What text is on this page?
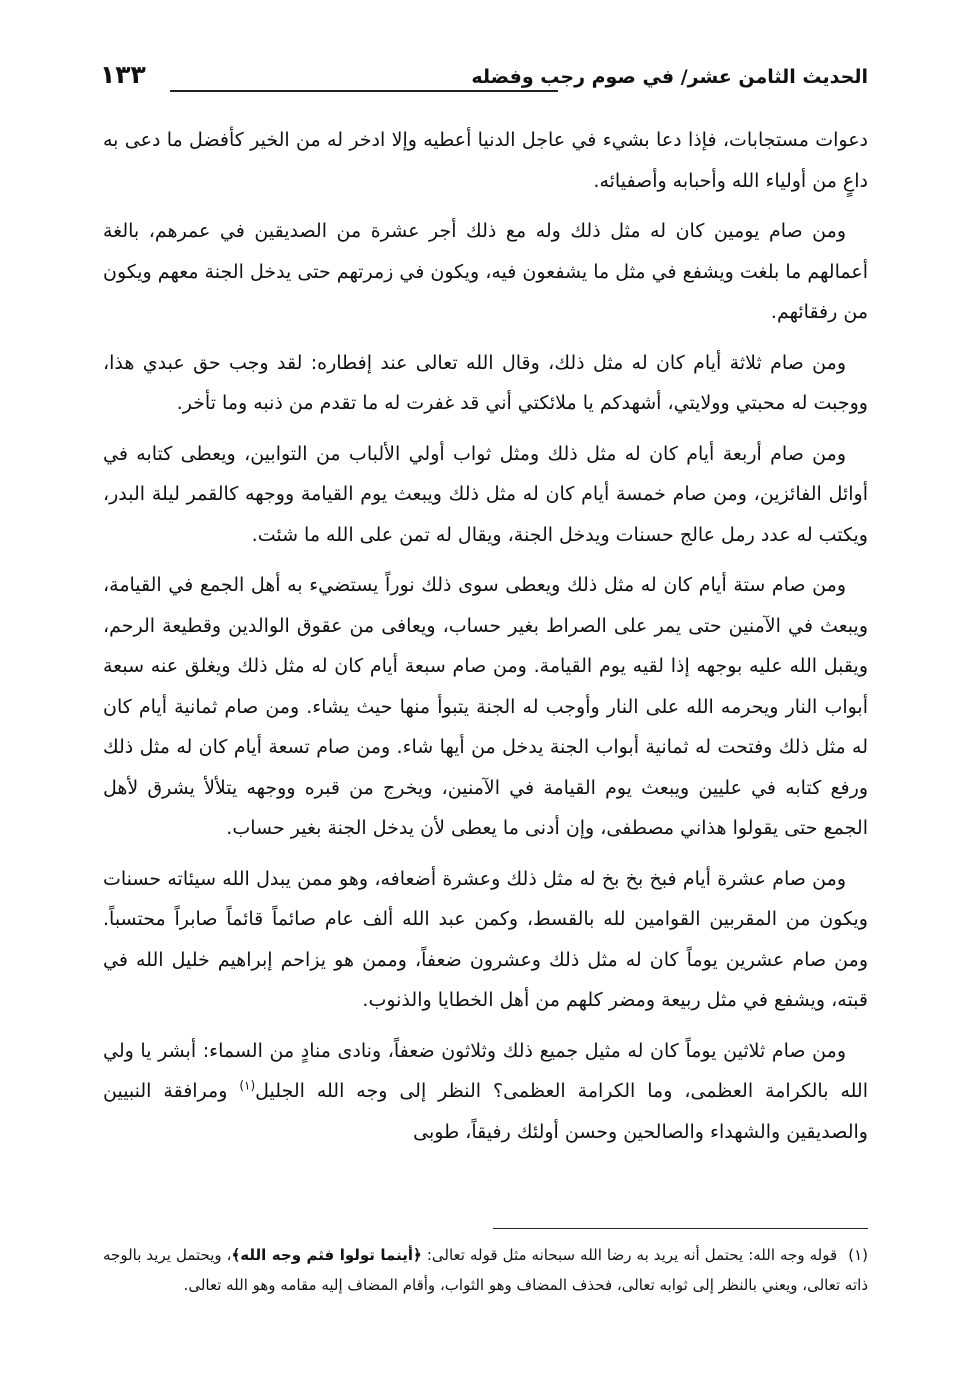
الحديث الثامن عشر/ في صوم رجب وفضله
١٣٣

دعوات مستجابات، فإذا دعا بشيء في عاجل الدنيا أعطيه وإلا ادخر له من الخير كأفضل ما دعى به داعٍ من أولياء الله وأحبابه وأصفيائه.

ومن صام يومين كان له مثل ذلك وله مع ذلك أجر عشرة من الصديقين في عمرهم، بالغة أعمالهم ما بلغت ويشفع في مثل ما يشفعون فيه، ويكون في زمرتهم حتى يدخل الجنة معهم ويكون من رفقائهم.

ومن صام ثلاثة أيام كان له مثل ذلك، وقال الله تعالى عند إفطاره: لقد وجب حق عبدي هذا، ووجبت له محبتي وولايتي، أشهدكم يا ملائكتي أني قد غفرت له ما تقدم من ذنبه وما تأخر.

ومن صام أربعة أيام كان له مثل ذلك ومثل ثواب أولي الألباب من التوابين، ويعطى كتابه في أوائل الفائزين، ومن صام خمسة أيام كان له مثل ذلك ويبعث يوم القيامة ووجهه كالقمر ليلة البدر، ويكتب له عدد رمل عالج حسنات ويدخل الجنة، ويقال له تمن على الله ما شئت.

ومن صام ستة أيام كان له مثل ذلك ويعطى سوى ذلك نوراً يستضيء به أهل الجمع في القيامة، ويبعث في الآمنين حتى يمر على الصراط بغير حساب، ويعافى من عقوق الوالدين وقطيعة الرحم، ويقبل الله عليه بوجهه إذا لقيه يوم القيامة. ومن صام سبعة أيام كان له مثل ذلك ويغلق عنه سبعة أبواب النار ويحرمه الله على النار وأوجب له الجنة يتبوأ منها حيث يشاء. ومن صام ثمانية أيام كان له مثل ذلك وفتحت له ثمانية أبواب الجنة يدخل من أيها شاء. ومن صام تسعة أيام كان له مثل ذلك ورفع كتابه في عليين ويبعث يوم القيامة في الآمنين، ويخرج من قبره ووجهه يتلألأ يشرق لأهل الجمع حتى يقولوا هذاني مصطفى، وإن أدنى ما يعطى لأن يدخل الجنة بغير حساب.

ومن صام عشرة أيام فبخ بخ بخ له مثل ذلك وعشرة أضعافه، وهو ممن يبدل الله سيئاته حسنات ويكون من المقربين القوامين لله بالقسط، وكمن عبد الله ألف عام صائماً قائماً صابراً محتسباً. ومن صام عشرين يوماً كان له مثل ذلك وعشرون ضعفاً، وممن هو يزاحم إبراهيم خليل الله في قبته، ويشفع في مثل ربيعة ومضر كلهم من أهل الخطايا والذنوب.

ومن صام ثلاثين يوماً كان له مثيل جميع ذلك وثلاثون ضعفاً، ونادى منادٍ من السماء: أبشر يا ولي الله بالكرامة العظمى، وما الكرامة العظمى؟ النظر إلى وجه الله الجليل$^{(١)}$ ومرافقة النبيين والصديقين والشهداء والصالحين وحسن أولئك رفيقاً، طوبى

(١) قوله وجه الله: يحتمل أنه يريد به رضا الله سبحانه مثل قوله تعالى: ﴿أينما تولوا فثم وجه الله﴾، ويحتمل يريد بالوجه ذاته تعالى، ويعني بالنظر إلى ثوابه تعالى، فحذف المضاف وهو الثواب، وأقام المضاف إليه مقامه وهو الله تعالى.
